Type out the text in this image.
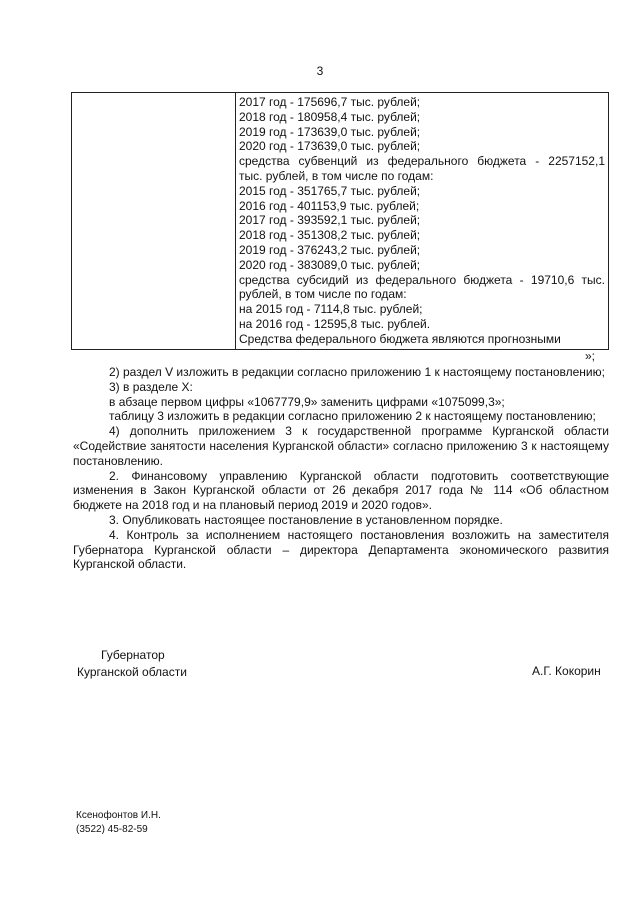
3
2017 год - 175696,7 тыс. рублей;
2018 год - 180958,4 тыс. рублей;
2019 год - 173639,0 тыс. рублей;
2020 год - 173639,0 тыс. рублей;
средства субвенций из федерального бюджета - 2257152,1
тыс. рублей, в том числе по годам:
2015 год - 351765,7 тыс. рублей;
2016 год - 401153,9 тыс. рублей;
2017 год - 393592,1 тыс. рублей;
2018 год - 351308,2 тыс. рублей;
2019 год - 376243,2 тыс. рублей;
2020 год - 383089,0 тыс. рублей;
средства субсидий из федерального бюджета - 19710,6 тыс.
рублей, в том числе по годам:
на 2015 год - 7114,8 тыс. рублей;
на 2016 год - 12595,8 тыс. рублей.
Средства федерального бюджета являются прогнозными
»;

2) раздел V изложить в редакции согласно приложению 1 к настоящему постановлению;

3) в разделе X:

в абзаце первом цифры «1067779,9» заменить цифрами «1075099,3»;

таблицу 3 изложить в редакции согласно приложению 2 к настоящему постановлению;

4) дополнить приложением 3 к государственной программе Курганской области «Содействие занятости населения Курганской области» согласно приложению 3 к настоящему постановлению.

2. Финансовому управлению Курганской области подготовить соответствующие изменения в Закон Курганской области от 26 декабря 2017 года № 114 «Об областном бюджете на 2018 год и на плановый период 2019 и 2020 годов».

3. Опубликовать настоящее постановление в установленном порядке.

4. Контроль за исполнением настоящего постановления возложить на заместителя Губернатора Курганской области – директора Департамента экономического развития Курганской области.

Губернатор
Курганской области	А.Г. Кокорин
Ксенофонтов И.Н.
(3522) 45-82-59
